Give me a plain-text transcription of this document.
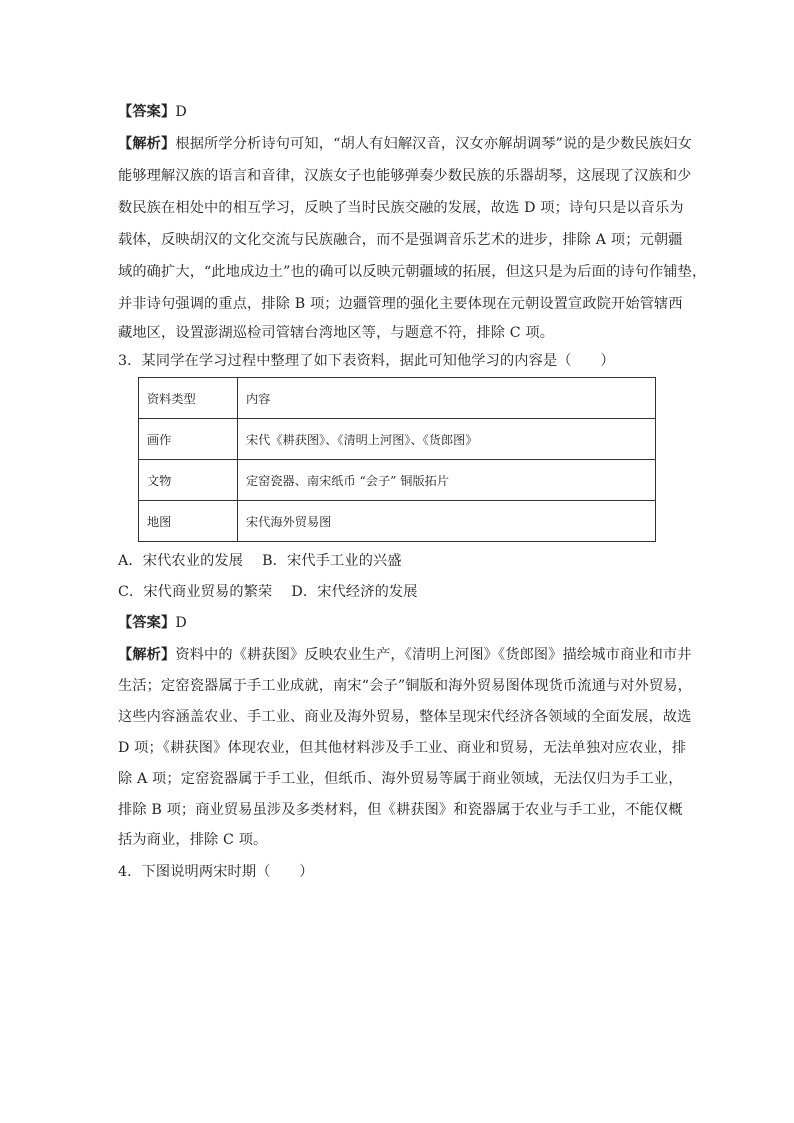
【答案】D
【解析】根据所学分析诗句可知，“胡人有妇解汉音，汉女亦解胡调琴”说的是少数民族妇女
能够理解汉族的语言和音律，汉族女子也能够弹奏少数民族的乐器胡琴，这展现了汉族和少
数民族在相处中的相互学习，反映了当时民族交融的发展，故选 D 项；诗句只是以音乐为
载体，反映胡汉的文化交流与民族融合，而不是强调音乐艺术的进步，排除 A 项；元朝疆
域的确扩大，“此地成边土”也的确可以反映元朝疆域的拓展，但这只是为后面的诗句作铺垫，
并非诗句强调的重点，排除 B 项；边疆管理的强化主要体现在元朝设置宣政院开始管辖西
藏地区，设置澎湖巡检司管辖台湾地区等，与题意不符，排除 C 项。
3．某同学在学习过程中整理了如下表资料，据此可知他学习的内容是（　　）
资料类型	内容
画作	宋代《耕获图》、《清明上河图》、《货郎图》
文物	定窑瓷器、南宋纸币 “会子” 铜版拓片
地图	宋代海外贸易图
A．宋代农业的发展　 B．宋代手工业的兴盛
C．宋代商业贸易的繁荣　 D．宋代经济的发展
【答案】D
【解析】资料中的《耕获图》反映农业生产，《清明上河图》《货郎图》描绘城市商业和市井
生活；定窑瓷器属于手工业成就，南宋“会子”铜版和海外贸易图体现货币流通与对外贸易，
这些内容涵盖农业、手工业、商业及海外贸易，整体呈现宋代经济各领域的全面发展，故选
D 项；《耕获图》体现农业，但其他材料涉及手工业、商业和贸易，无法单独对应农业，排
除 A 项；定窑瓷器属于手工业，但纸币、海外贸易等属于商业领域，无法仅归为手工业，
排除 B 项；商业贸易虽涉及多类材料，但《耕获图》和瓷器属于农业与手工业，不能仅概
括为商业，排除 C 项。
4．下图说明两宋时期（　　）
